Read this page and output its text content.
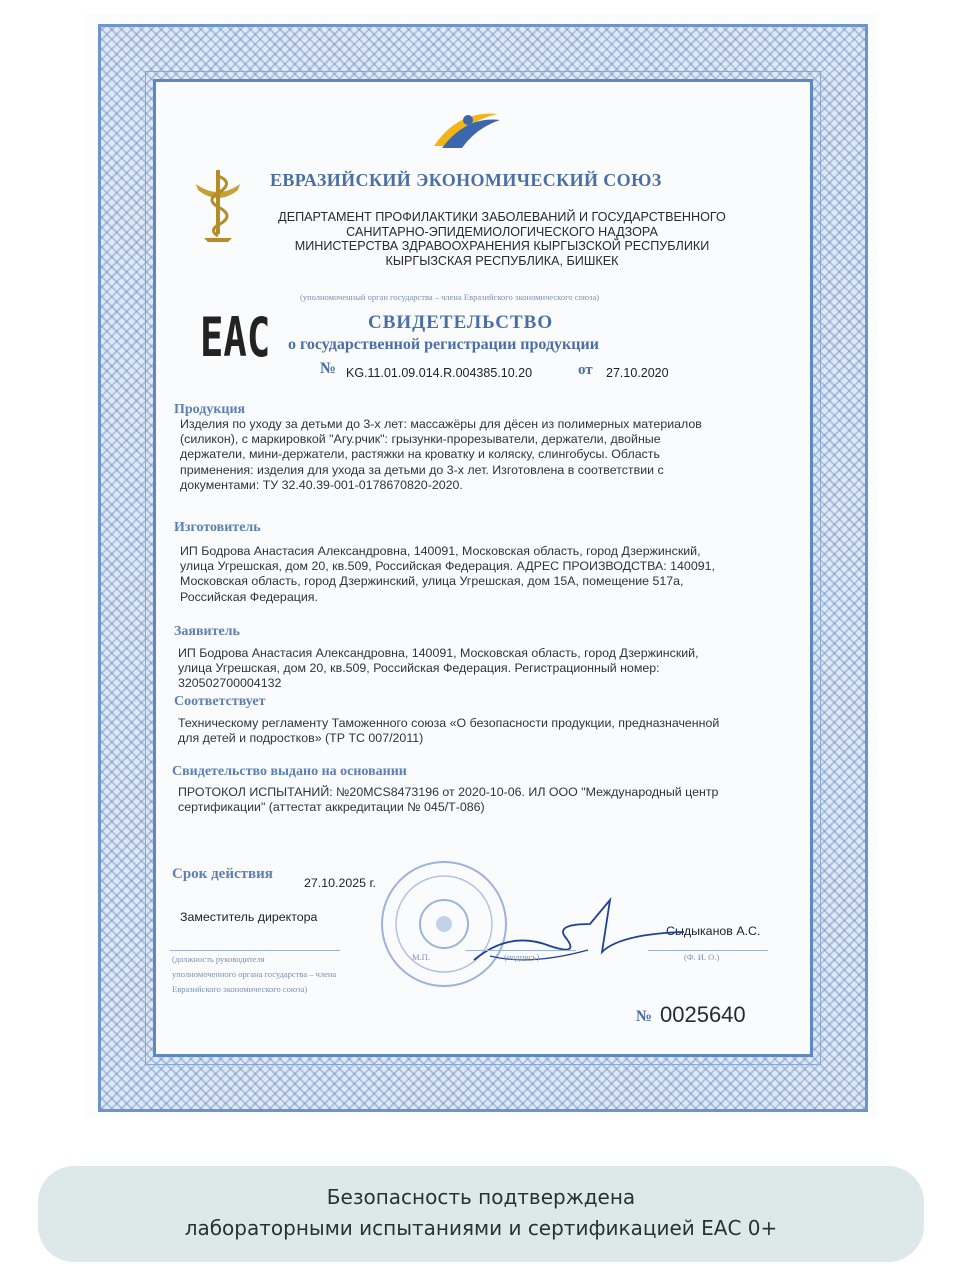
ЕВРАЗИЙСКИЙ ЭКОНОМИЧЕСКИЙ СОЮЗ
ДЕПАРТАМЕНТ ПРОФИЛАКТИКИ ЗАБОЛЕВАНИЙ И ГОСУДАРСТВЕННОГО
САНИТАРНО-ЭПИДЕМИОЛОГИЧЕСКОГО НАДЗОРА
МИНИСТЕРСТВА ЗДРАВООХРАНЕНИЯ КЫРГЫЗСКОЙ РЕСПУБЛИКИ
КЫРГЫЗСКАЯ РЕСПУБЛИКА, БИШКЕК
(уполномоченный орган государства – члена Евразийского экономического союза)
ЕАС	СВИДЕТЕЛЬСТВО
о государственной регистрации продукции
№ KG.11.01.09.014.R.004385.10.20	от 27.10.2020
Продукция
Изделия по уходу за детьми до 3-х лет: массажёры для дёсен из полимерных материалов
(силикон), с маркировкой "Агу.рчик": грызунки-прорезыватели, держатели, двойные
держатели, мини-держатели, растяжки на кроватку и коляску, слингобусы. Область
применения: изделия для ухода за детьми до 3-х лет. Изготовлена в соответствии с
документами: ТУ 32.40.39-001-0178670820-2020.
Изготовитель
ИП Бодрова Анастасия Александровна, 140091, Московская область, город Дзержинский,
улица Угрешская, дом 20, кв.509, Российская Федерация. АДРЕС ПРОИЗВОДСТВА: 140091,
Московская область, город Дзержинский, улица Угрешская, дом 15А, помещение 517а,
Российская Федерация.
Заявитель
ИП Бодрова Анастасия Александровна, 140091, Московская область, город Дзержинский,
улица Угрешская, дом 20, кв.509, Российская Федерация. Регистрационный номер:
320502700004132
Соответствует
Техническому регламенту Таможенного союза «О безопасности продукции, предназначенной
для детей и подростков» (ТР ТС 007/2011)
Свидетельство выдано на основании
ПРОТОКОЛ ИСПЫТАНИЙ: №20MCS8473196 от 2020-10-06. ИЛ ООО "Международный центр
сертификации" (аттестат аккредитации № 045/Т-086)
Срок действия
27.10.2025 г.
Заместитель директора
Сыдыканов А.С.
(должность руководителя
уполномоченного органа государства – члена
Евразийского экономического союза)
М.П.	(подпись)	(Ф. И. О.)
№ 0025640
Безопасность подтверждена
лабораторными испытаниями и сертификацией ЕАС 0+
